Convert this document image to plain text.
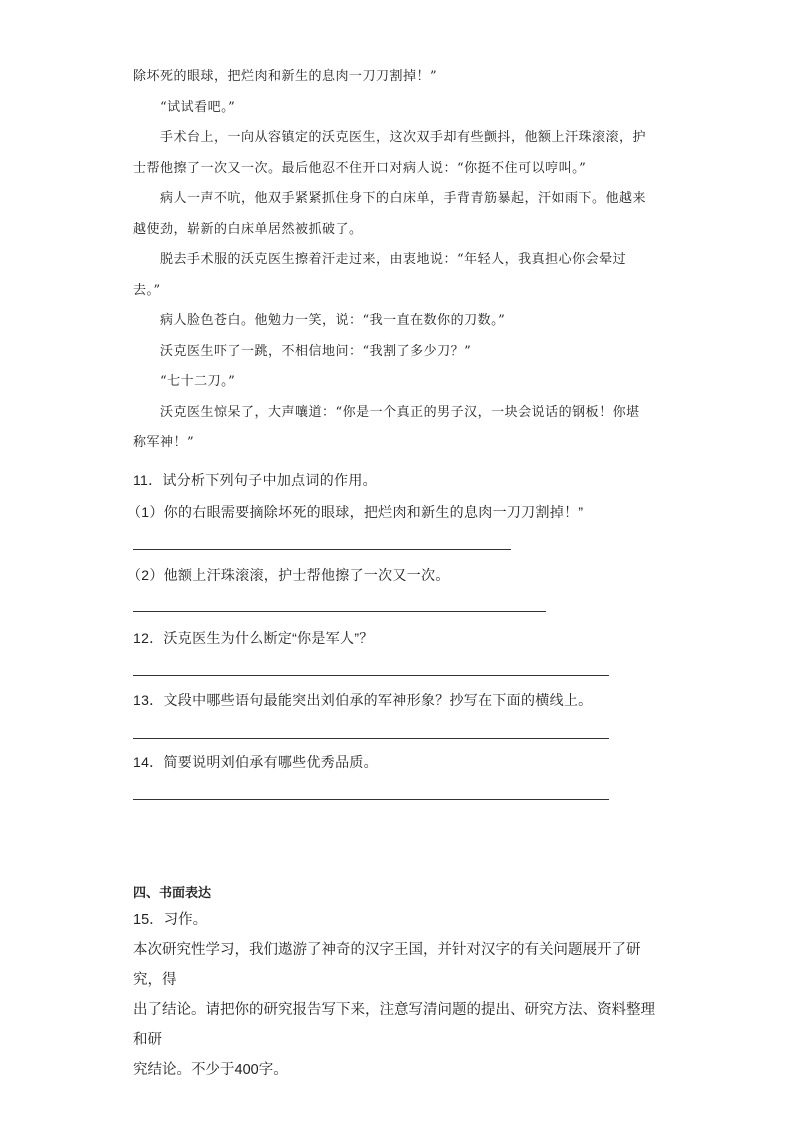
除坏死的眼球，把烂肉和新生的息肉一刀刀割掉！”

“试试看吧。”

手术台上，一向从容镇定的沃克医生，这次双手却有些颤抖，他额上汗珠滚滚，护

士帮他擦了一次又一次。最后他忍不住开口对病人说：“你挺不住可以哼叫。”

病人一声不吭，他双手紧紧抓住身下的白床单，手背青筋暴起，汗如雨下。他越来

越使劲，崭新的白床单居然被抓破了。

脱去手术服的沃克医生擦着汗走过来，由衷地说：“年轻人，我真担心你会晕过

去。”

病人脸色苍白。他勉力一笑，说：“我一直在数你的刀数。”

沃克医生吓了一跳，不相信地问：“我割了多少刀？”

“七十二刀。”

沃克医生惊呆了，大声嚷道：“你是一个真正的男子汉，一块会说话的钢板！你堪

称军神！”

11．试分析下列句子中加点词的作用。
（1）你的右眼需要摘除坏死的眼球，把烂肉和新生的息肉一刀刀割掉！”
（2）他额上汗珠滚滚，护士帮他擦了一次又一次。
12．沃克医生为什么断定“你是军人”？
13．文段中哪些语句最能突出刘伯承的军神形象？抄写在下面的横线上。
14．简要说明刘伯承有哪些优秀品质。
四、书面表达

15．习作。

本次研究性学习，我们遨游了神奇的汉字王国，并针对汉字的有关问题展开了研究，得

出了结论。请把你的研究报告写下来，注意写清问题的提出、研究方法、资料整理和研

究结论。不少于400字。
